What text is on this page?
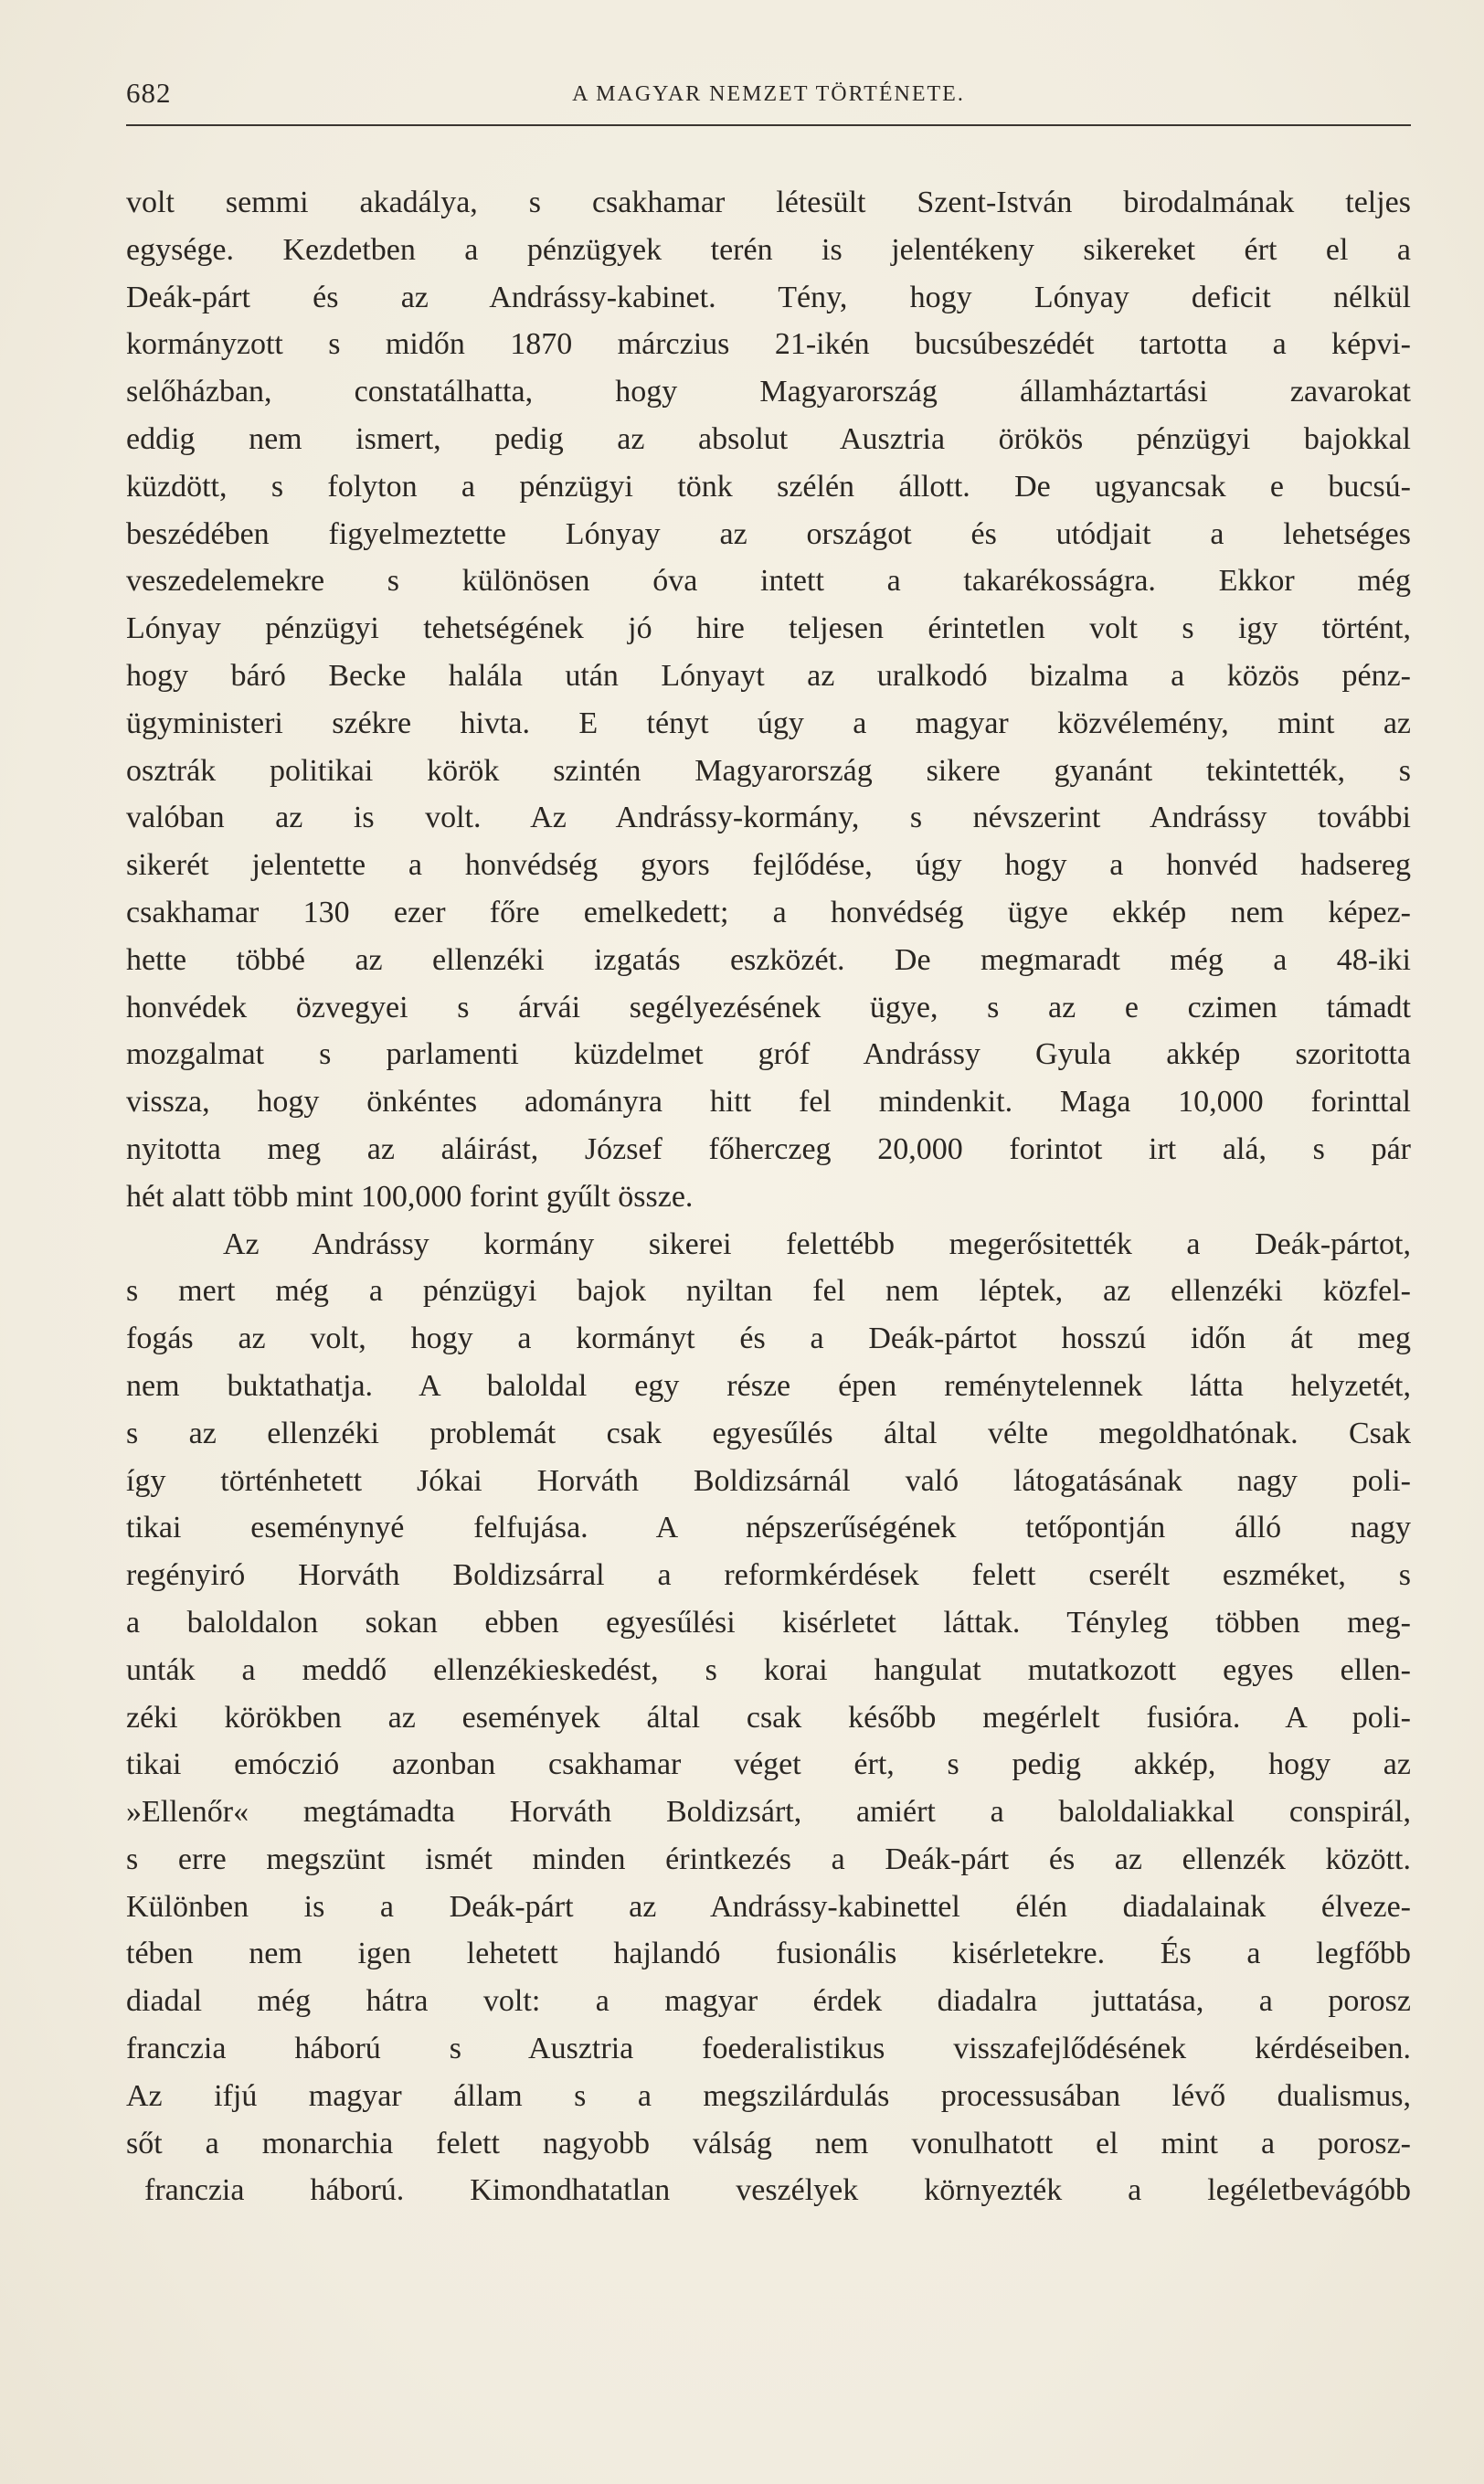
682	A MAGYAR NEMZET TÖRTÉNETE.
volt semmi akadálya, s csakhamar létesült Szent-István birodalmának teljes
egysége. Kezdetben a pénzügyek terén is jelentékeny sikereket ért el a
Deák-párt és az Andrássy-kabinet. Tény, hogy Lónyay deficit nélkül
kormányzott s midőn 1870 márczius 21-ikén bucsúbeszédét tartotta a képvi-
selőházban, constatálhatta, hogy Magyarország államháztartási zavarokat
eddig nem ismert, pedig az absolut Ausztria örökös pénzügyi bajokkal
küzdött, s folyton a pénzügyi tönk szélén állott. De ugyancsak e bucsú-
beszédében figyelmeztette Lónyay az országot és utódjait a lehetséges
veszedelemekre s különösen óva intett a takarékosságra. Ekkor még
Lónyay pénzügyi tehetségének jó hire teljesen érintetlen volt s igy történt,
hogy báró Becke halála után Lónyayt az uralkodó bizalma a közös pénz-
ügyministeri székre hivta. E tényt úgy a magyar közvélemény, mint az
osztrák politikai körök szintén Magyarország sikere gyanánt tekintették, s
valóban az is volt. Az Andrássy-kormány, s névszerint Andrássy további
sikerét jelentette a honvédség gyors fejlődése, úgy hogy a honvéd hadsereg
csakhamar 130 ezer főre emelkedett; a honvédség ügye ekkép nem képez-
hette többé az ellenzéki izgatás eszközét. De megmaradt még a 48-iki
honvédek özvegyei s árvái segélyezésének ügye, s az e czimen támadt
mozgalmat s parlamenti küzdelmet gróf Andrássy Gyula akkép szoritotta
vissza, hogy önkéntes adományra hitt fel mindenkit. Maga 10,000 forinttal
nyitotta meg az aláirást, József főherczeg 20,000 forintot irt alá, s pár
hét alatt több mint 100,000 forint gyűlt össze.
Az Andrássy kormány sikerei felettébb megerősitették a Deák-pártot,
s mert még a pénzügyi bajok nyiltan fel nem léptek, az ellenzéki közfel-
fogás az volt, hogy a kormányt és a Deák-pártot hosszú időn át meg
nem buktathatja. A baloldal egy része épen reménytelennek látta helyzetét,
s az ellenzéki problemát csak egyesűlés által vélte megoldhatónak. Csak
így történhetett Jókai Horváth Boldizsárnál való látogatásának nagy poli-
tikai eseménynyé felfujása. A népszerűségének tetőpontján álló nagy
regényiró Horváth Boldizsárral a reformkérdések felett cserélt eszméket, s
a baloldalon sokan ebben egyesűlési kisérletet láttak. Tényleg többen meg-
unták a meddő ellenzékieskedést, s korai hangulat mutatkozott egyes ellen-
zéki körökben az események által csak később megérlelt fusióra. A poli-
tikai emóczió azonban csakhamar véget ért, s pedig akkép, hogy az
»Ellenőr« megtámadta Horváth Boldizsárt, amiért a baloldaliakkal conspirál,
s erre megszünt ismét minden érintkezés a Deák-párt és az ellenzék között.
Különben is a Deák-párt az Andrássy-kabinettel élén diadalainak élveze-
tében nem igen lehetett hajlandó fusionális kisérletekre. És a legfőbb
diadal még hátra volt: a magyar érdek diadalra juttatása, a porosz
franczia háború s Ausztria foederalistikus visszafejlődésének kérdéseiben.
Az ifjú magyar állam s a megszilárdulás processusában lévő dualismus,
sőt a monarchia felett nagyobb válság nem vonulhatott el mint a porosz-
franczia háború. Kimondhatatlan veszélyek környezték a legéletbevágóbb
